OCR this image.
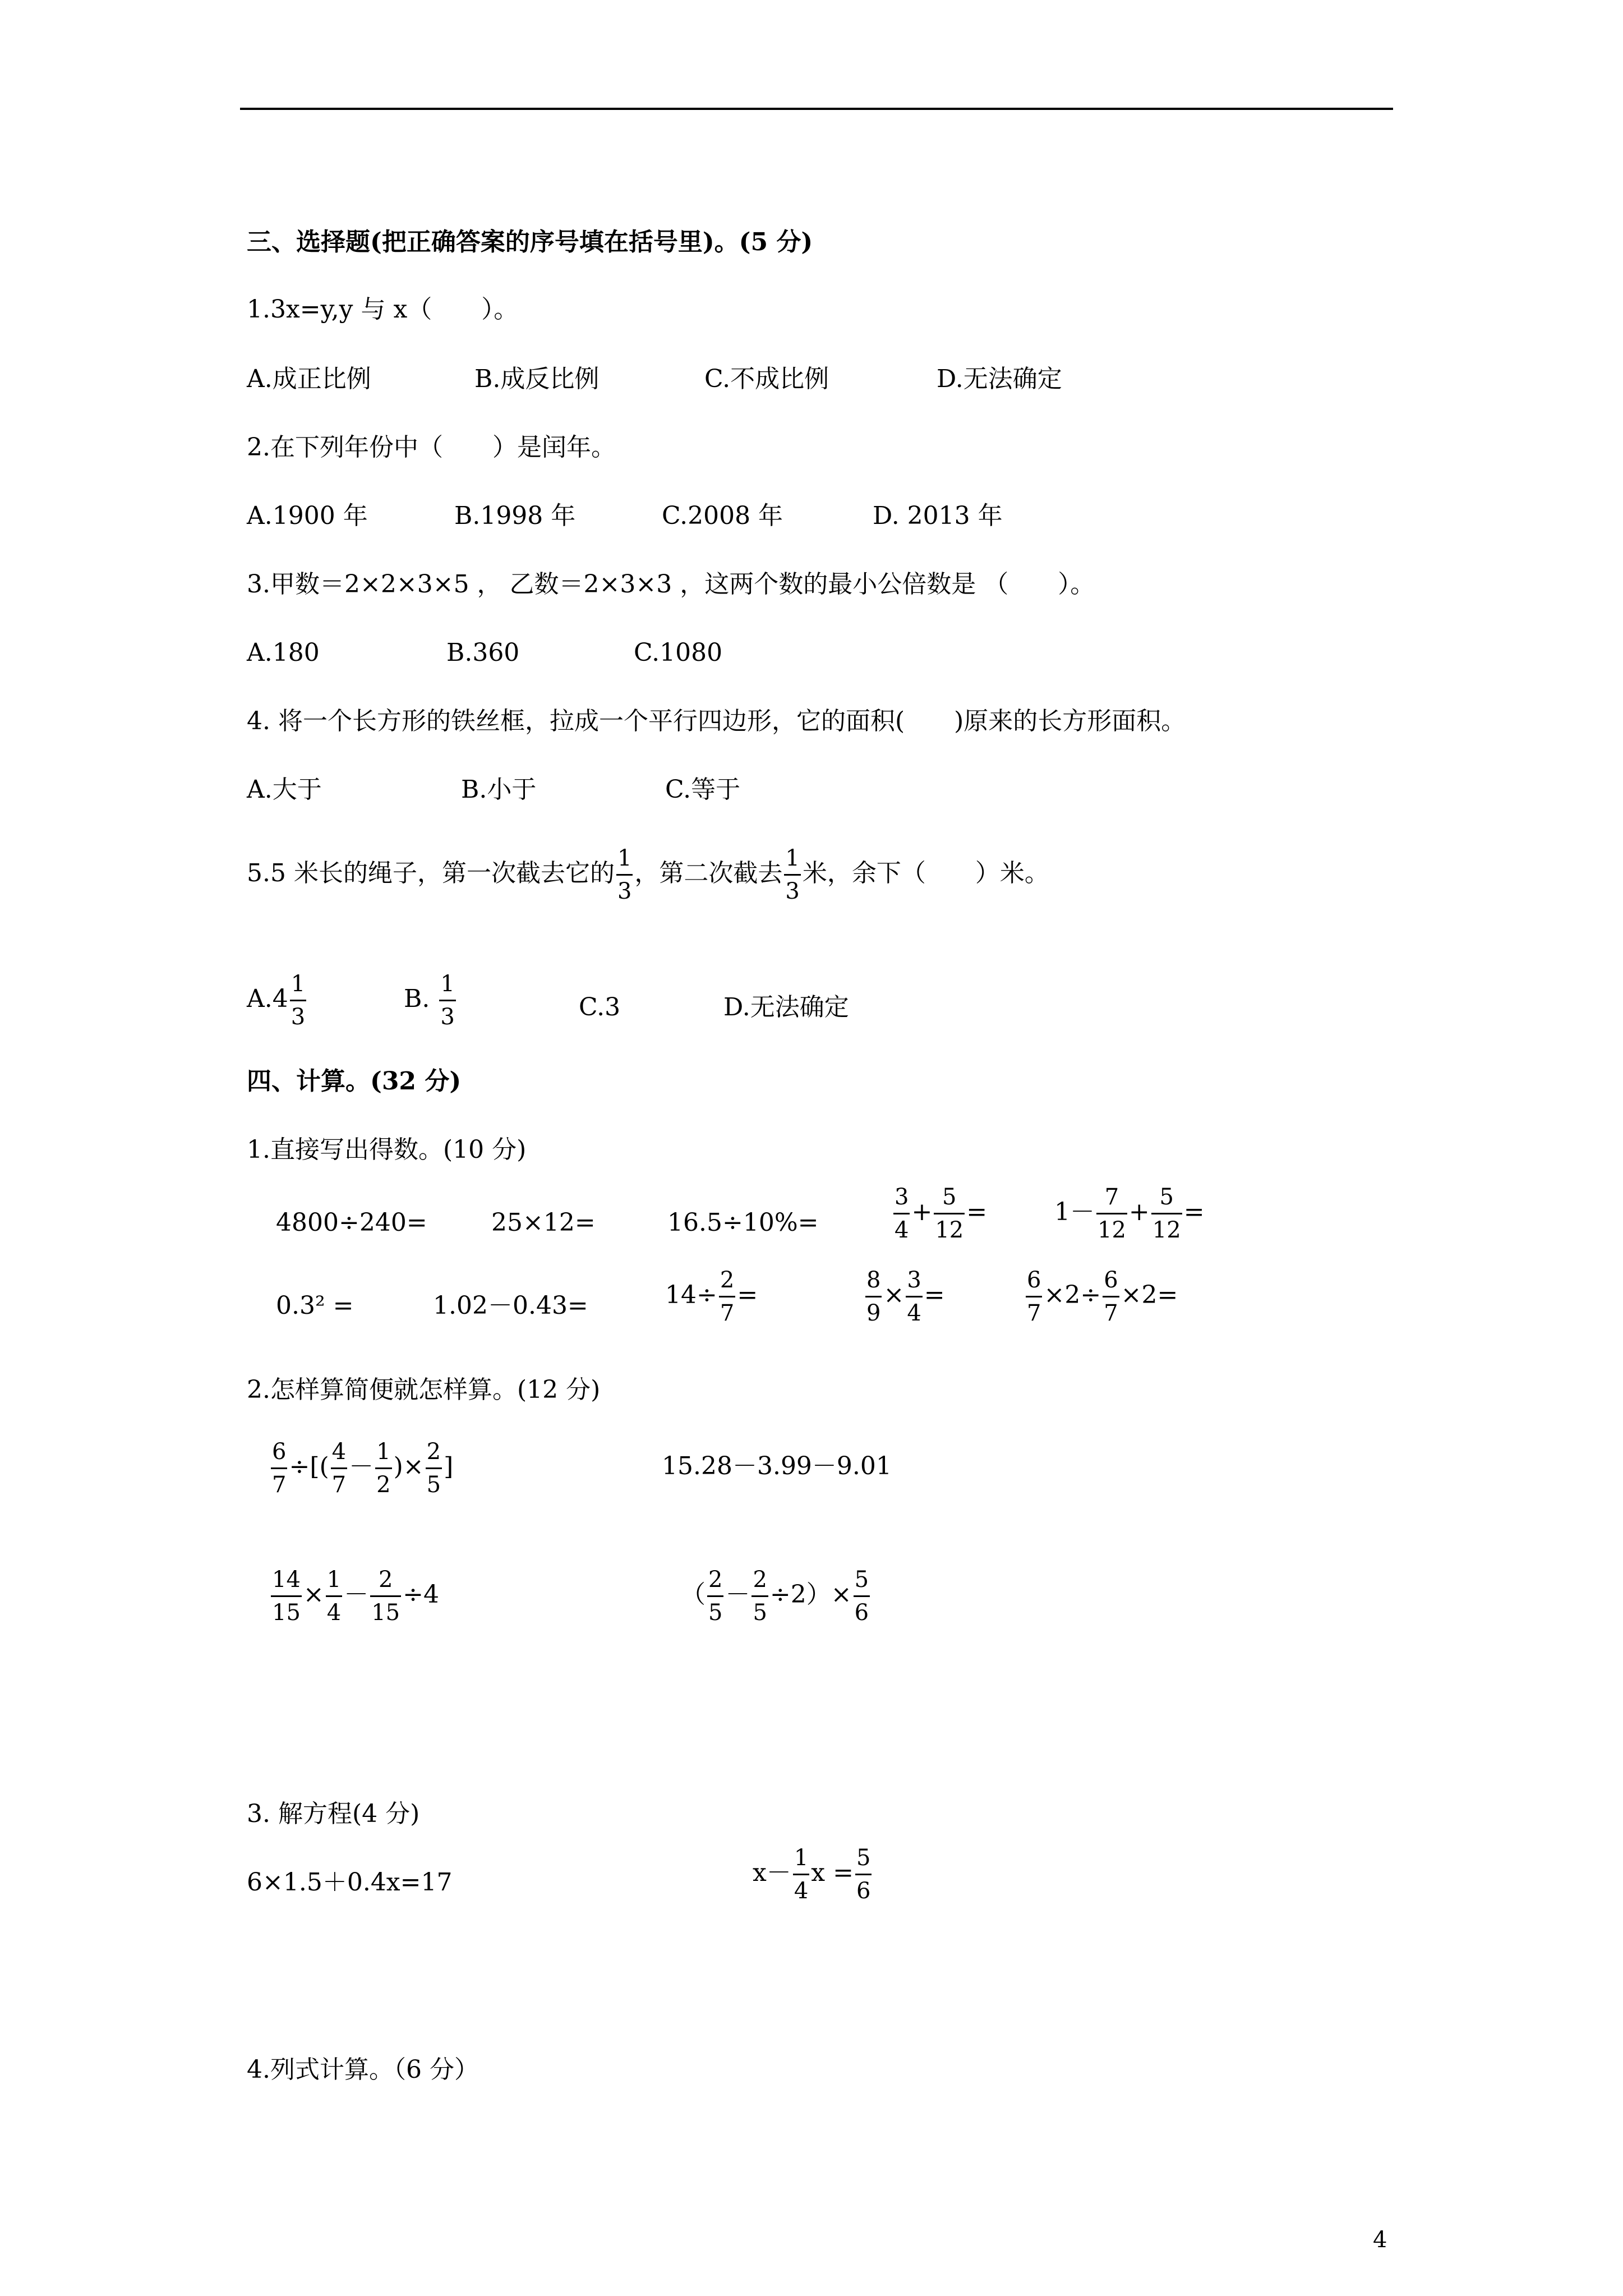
三、选择题(把正确答案的序号填在括号里)。(5 分)
1.3x=y,y 与 x（　　）。
A.成正比例	B.成反比例	C.不成比例	D.无法确定
2.在下列年份中（　　）是闰年。
A.1900 年	B.1998 年	C.2008 年	D. 2013 年
3.甲数＝2×2×3×5 ， 乙数＝2×3×3 ，这两个数的最小公倍数是 （　　）。
A.180	B.360	C.1080
4. 将一个长方形的铁丝框，拉成一个平行四边形，它的面积(　　)原来的长方形面积。
A.大于	B.小于	C.等于
5.5 米长的绳子，第一次截去它的 $\frac{1}{3}$ ，第二次截去 $\frac{1}{3}$ 米，余下（　　）米。
$A.4 \frac{1}{3}$	B. $\frac{1}{3}$	C.3	D.无法确定
四、计算。(32 分)
1.直接写出得数。(10 分)
4800÷240=	25×12=	16.5÷10%=	$\frac{3}{4} + \frac{5}{12}$ =	$1- \frac{7}{12} + \frac{5}{12}$ =
0.3² =	1.02－0.43=	$14\div \frac{2}{7}$ =	$\frac{8}{9} \times \frac{3}{4}$ =	$\frac{6}{7} \times 2\div \frac{6}{7} \times 2=$
2.怎样算简便就怎样算。(12 分)
$\frac{6}{7}$ ÷[( $\frac{4}{7} - \frac{1}{2}$ )× $\frac{2}{5}$ ]	15.28－3.99－9.01
$\frac{14}{15} \times \frac{1}{4} - \frac{2}{15} \div 4$	（ $\frac{2}{5} - \frac{2}{5} \div 2)\times \frac{5}{6}$
3. 解方程(4 分)
6×1.5＋0.4x=17	$x- \frac{1}{4}$ $x = \frac{5}{6}$
4.列式计算。（6 分）
4
